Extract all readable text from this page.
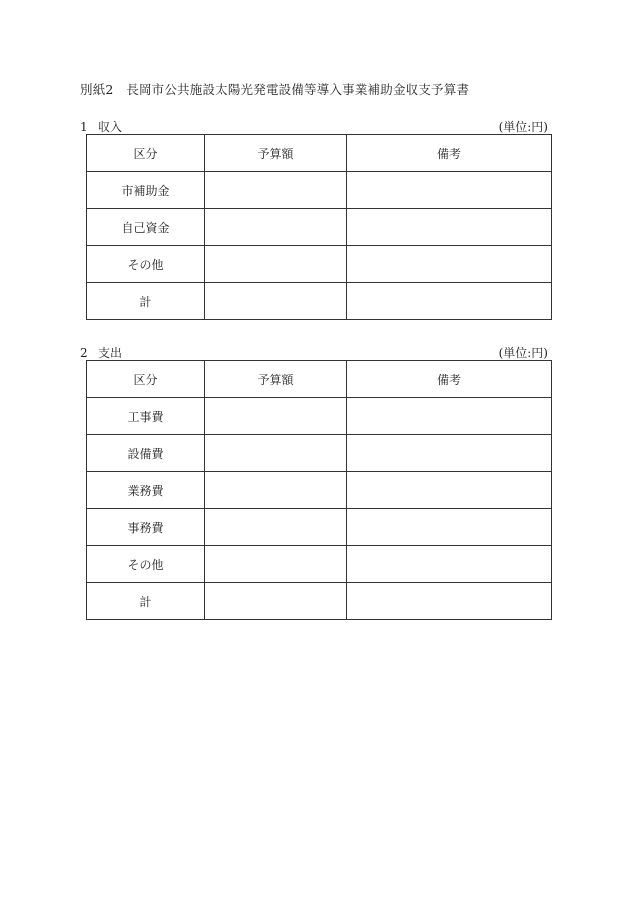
別紙2　長岡市公共施設太陽光発電設備等導入事業補助金収支予算書
1 収入	(単位:円)
区分	予算額	備考
市補助金		
自己資金		
その他		
計		
2 支出	(単位:円)
区分	予算額	備考
工事費		
設備費		
業務費		
事務費		
その他		
計		
